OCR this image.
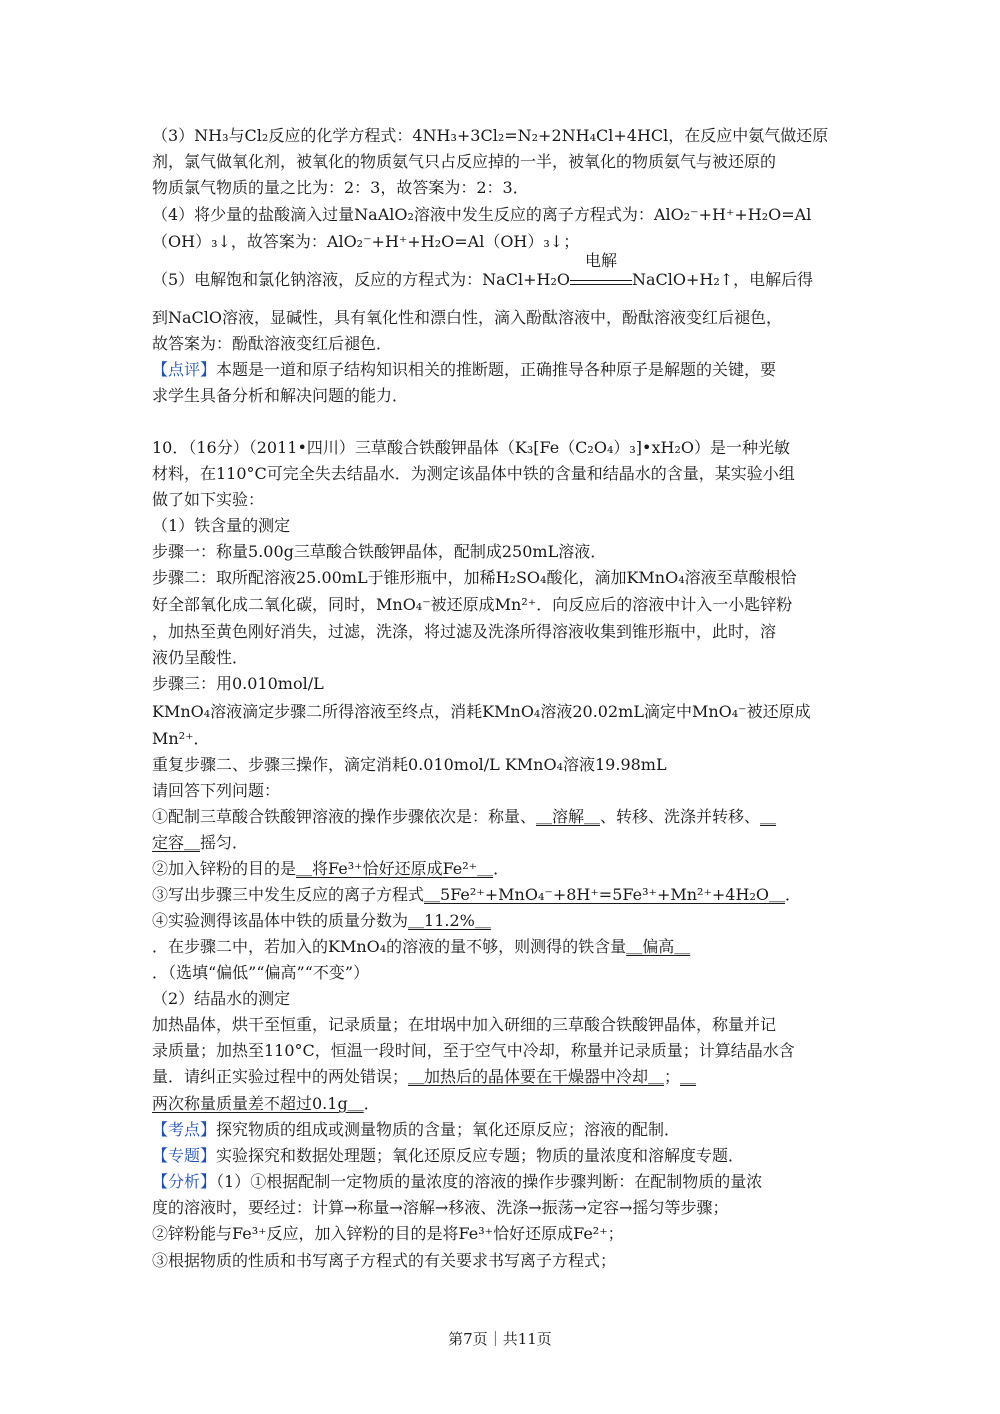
（3）NH₃与Cl₂反应的化学方程式：4NH₃+3Cl₂=N₂+2NH₄Cl+4HCl，在反应中氨气做还原
剂，氯气做氧化剂，被氧化的物质氨气只占反应掉的一半，被氧化的物质氨气与被还原的
物质氯气物质的量之比为：2：3，故答案为：2：3．
（4）将少量的盐酸滴入过量NaAlO₂溶液中发生反应的离子方程式为：AlO₂⁻+H⁺+H₂O=Al
（OH）₃↓，故答案为：AlO₂⁻+H⁺+H₂O=Al（OH）₃↓；
（5）电解饱和氯化钠溶液，反应的方程式为：NaCl+H₂O
电解
NaClO+H₂↑，电解后得
到NaClO溶液，显碱性，具有氧化性和漂白性，滴入酚酞溶液中，酚酞溶液变红后褪色，
故答案为：酚酞溶液变红后褪色．
【点评】本题是一道和原子结构知识相关的推断题，正确推导各种原子是解题的关键，要
求学生具备分析和解决问题的能力．
10．（16分）（2011•四川）三草酸合铁酸钾晶体（K₃[Fe（C₂O₄）₃]•xH₂O）是一种光敏
材料，在110°C可完全失去结晶水．为测定该晶体中铁的含量和结晶水的含量，某实验小组
做了如下实验：
（1）铁含量的测定
步骤一：称量5.00g三草酸合铁酸钾晶体，配制成250mL溶液．
步骤二：取所配溶液25.00mL于锥形瓶中，加稀H₂SO₄酸化，滴加KMnO₄溶液至草酸根恰
好全部氧化成二氧化碳，同时，MnO₄⁻被还原成Mn²⁺．向反应后的溶液中计入一小匙锌粉
，加热至黄色刚好消失，过滤，洗涤，将过滤及洗涤所得溶液收集到锥形瓶中，此时，溶
液仍呈酸性．
步骤三：用0.010mol/L
KMnO₄溶液滴定步骤二所得溶液至终点，消耗KMnO₄溶液20.02mL滴定中MnO₄⁻被还原成
Mn²⁺．
重复步骤二、步骤三操作，滴定消耗0.010mol/L KMnO₄溶液19.98mL
请回答下列问题：
①配制三草酸合铁酸钾溶液的操作步骤依次是：称量、＿溶解＿、转移、洗涤并转移、＿
定容＿摇匀．
②加入锌粉的目的是＿将Fe³⁺恰好还原成Fe²⁺＿．
③写出步骤三中发生反应的离子方程式＿5Fe²⁺+MnO₄⁻+8H⁺=5Fe³⁺+Mn²⁺+4H₂O＿．
④实验测得该晶体中铁的质量分数为＿11.2%＿
．在步骤二中，若加入的KMnO₄的溶液的量不够，则测得的铁含量＿偏高＿
．（选填“偏低”“偏高”“不变”）
（2）结晶水的测定
加热晶体，烘干至恒重，记录质量；在坩埚中加入研细的三草酸合铁酸钾晶体，称量并记
录质量；加热至110°C，恒温一段时间，至于空气中冷却，称量并记录质量；计算结晶水含
量．请纠正实验过程中的两处错误；＿加热后的晶体要在干燥器中冷却＿；＿
两次称量质量差不超过0.1g＿．
【考点】探究物质的组成或测量物质的含量；氧化还原反应；溶液的配制．
【专题】实验探究和数据处理题；氧化还原反应专题；物质的量浓度和溶解度专题．
【分析】（1）①根据配制一定物质的量浓度的溶液的操作步骤判断：在配制物质的量浓
度的溶液时，要经过：计算→称量→溶解→移液、洗涤→振荡→定容→摇匀等步骤；
②锌粉能与Fe³⁺反应，加入锌粉的目的是将Fe³⁺恰好还原成Fe²⁺；
③根据物质的性质和书写离子方程式的有关要求书写离子方程式；
第7页｜共11页
